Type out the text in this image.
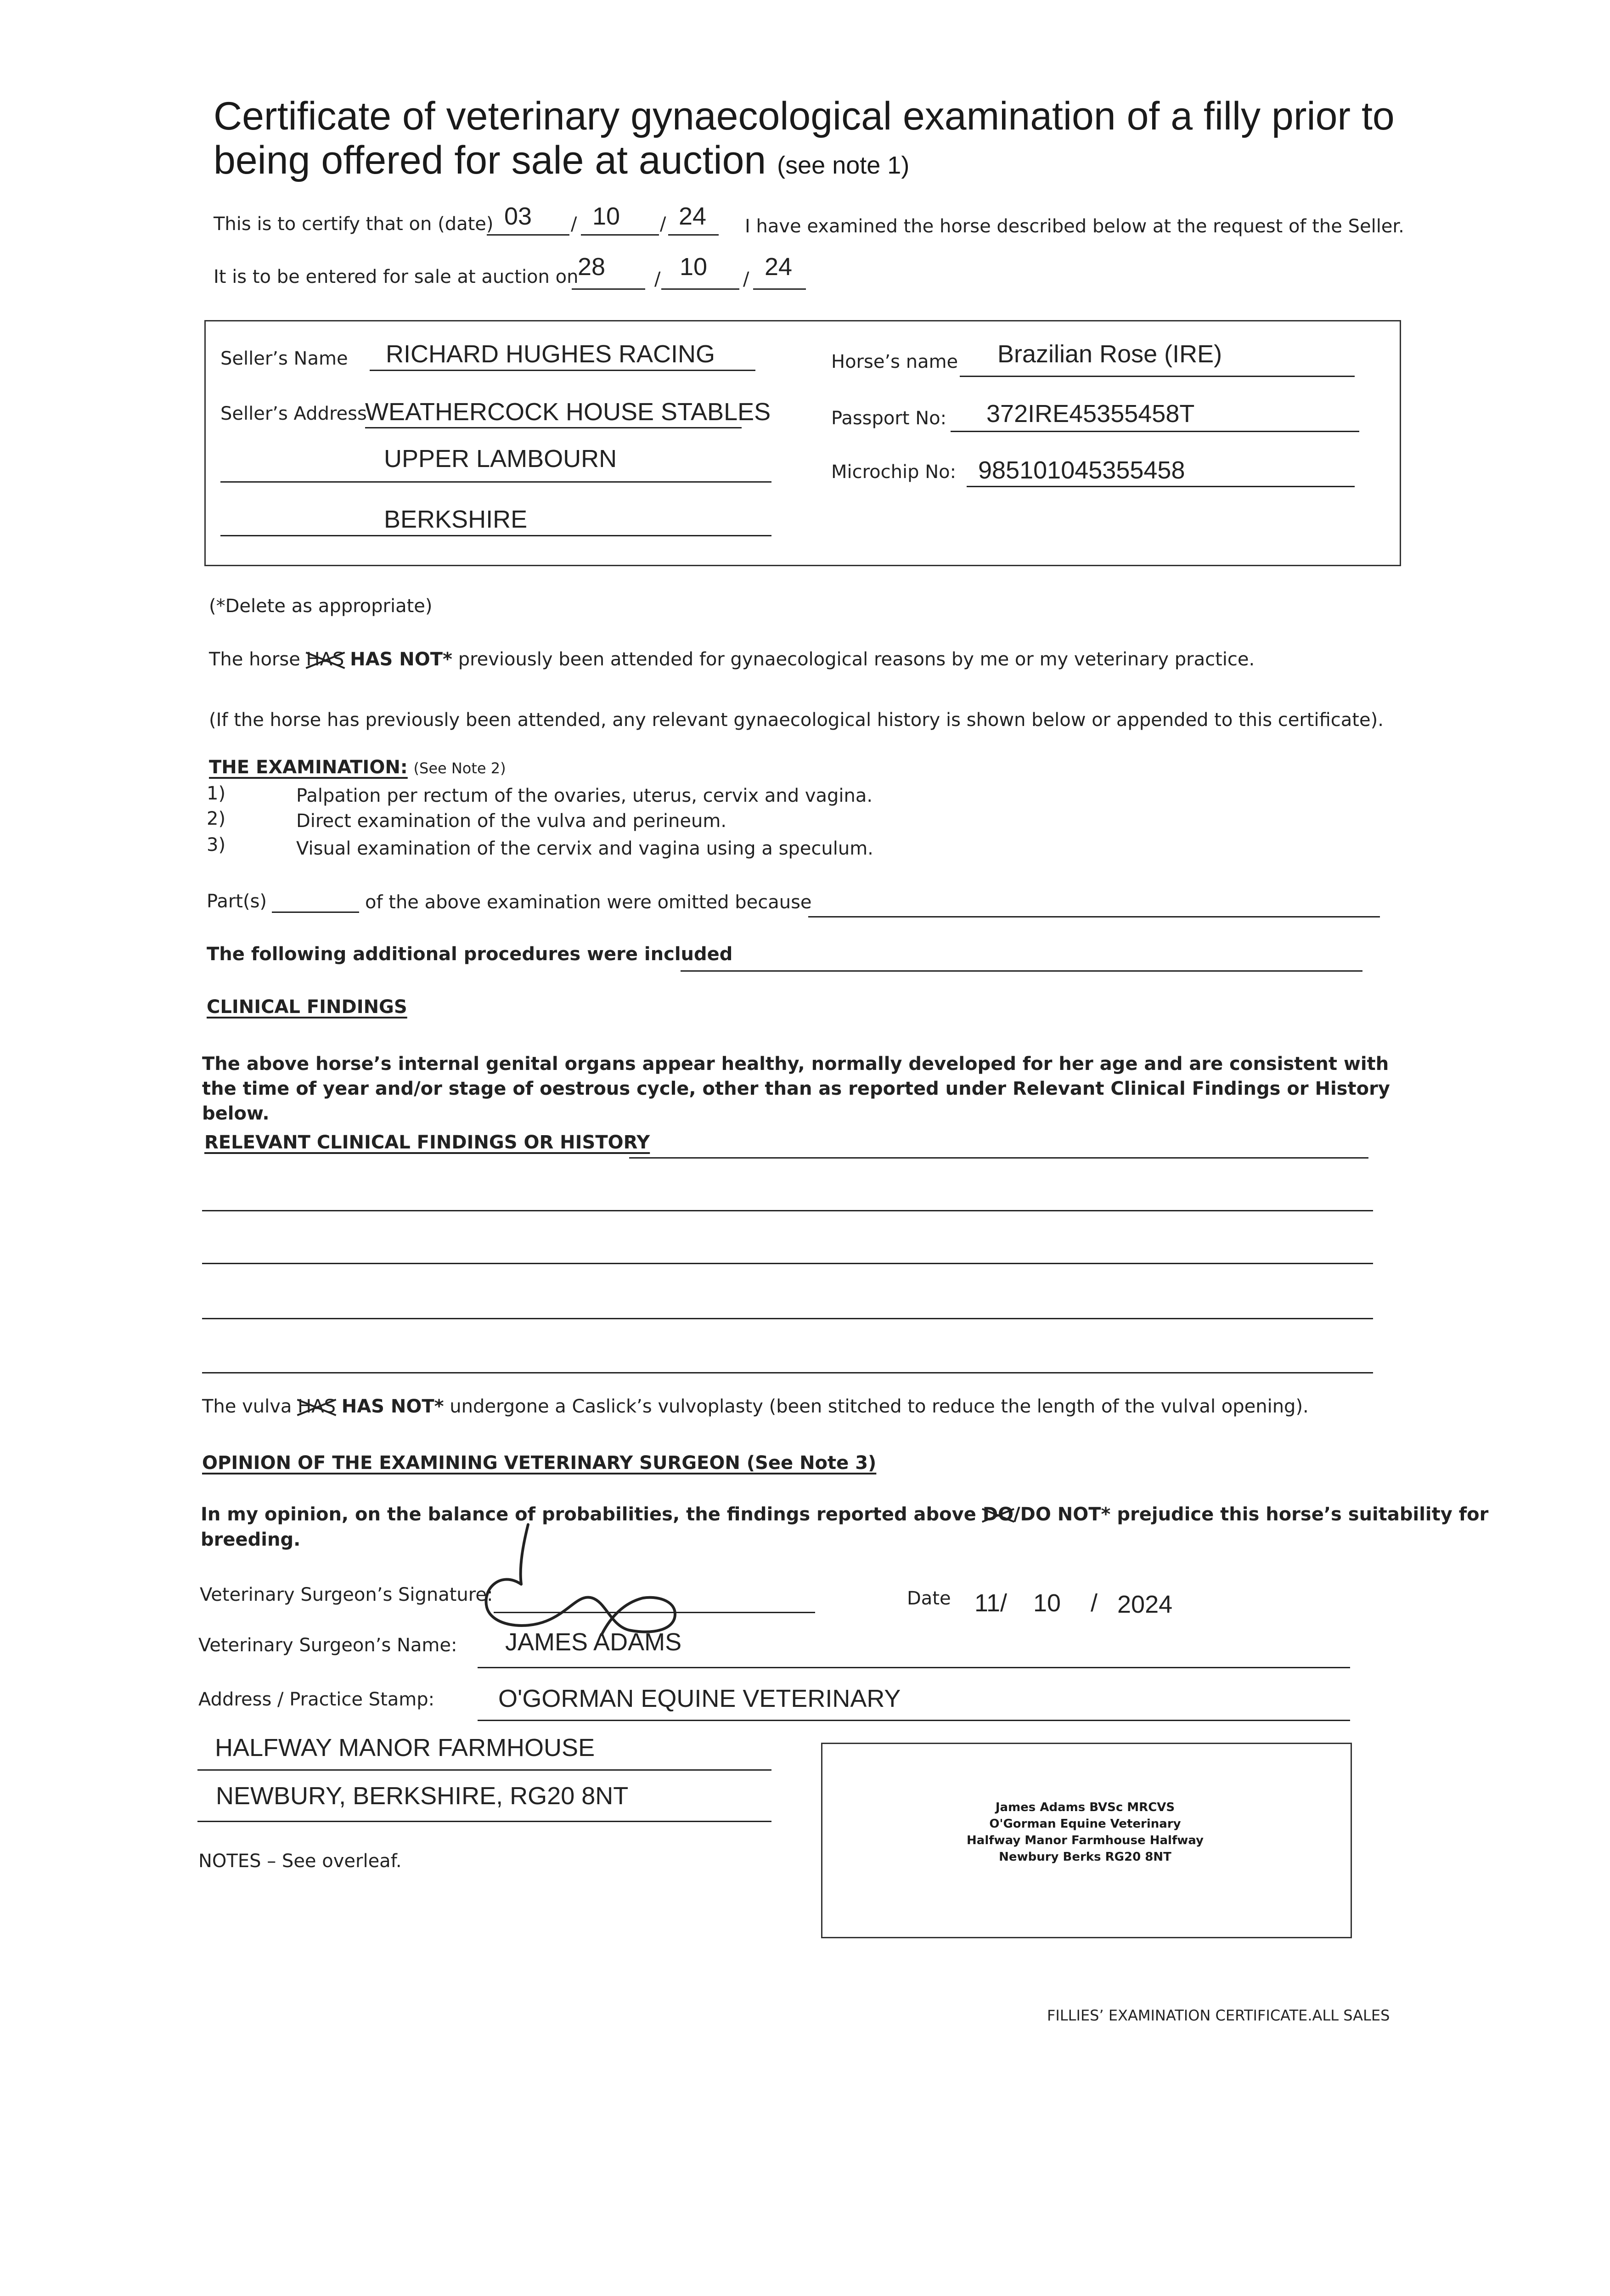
Certificate of veterinary gynaecological examination of a filly prior to
being offered for sale at auction (see note 1)
This is to certify that on (date) 03 / 10 / 24 I have examined the horse described below at the request of the Seller.
It is to be entered for sale at auction on
28	/ 10 / 24
Seller’s Name RICHARD HUGHES RACING
Seller’s Address
WEATHERCOCK HOUSE STABLES
UPPER LAMBOURN
BERKSHIRE
Horse’s name Brazilian Rose (IRE)
Passport No: 372IRE45355458T
Microchip No: 985101045355458
(*Delete as appropriate)
The horse HAS HAS NOT* previously been attended for gynaecological reasons by me or my veterinary practice.
(If the horse has previously been attended, any relevant gynaecological history is shown below or appended to this certificate).
THE EXAMINATION: (See Note 2)
1)	Palpation per rectum of the ovaries, uterus, cervix and vagina.
2)	Direct examination of the vulva and perineum.
3)	Visual examination of the cervix and vagina using a speculum.
Part(s)	of the above examination were omitted because
The following additional procedures were included
CLINICAL FINDINGS
The above horse’s internal genital organs appear healthy, normally developed for her age and are consistent with the time of year and/or stage of oestrous cycle, other than as reported under Relevant Clinical Findings or History below.
RELEVANT CLINICAL FINDINGS OR HISTORY
The vulva HAS HAS NOT* undergone a Caslick’s vulvoplasty (been stitched to reduce the length of the vulval opening).
OPINION OF THE EXAMINING VETERINARY SURGEON (See Note 3)
In my opinion, on the balance of probabilities, the findings reported above DO/DO NOT* prejudice this horse’s suitability for
breeding.
Veterinary Surgeon’s Signature:	Date 11/ 10 / 2024
Veterinary Surgeon’s Name: JAMES ADAMS
Address / Practice Stamp:	O'GORMAN EQUINE VETERINARY
HALFWAY MANOR FARMHOUSE
NEWBURY, BERKSHIRE, RG20 8NT
NOTES – See overleaf.
James Adams BVSc MRCVS
O'Gorman Equine Veterinary
Halfway Manor Farmhouse Halfway
Newbury Berks RG20 8NT
FILLIES’ EXAMINATION CERTIFICATE.ALL SALES
